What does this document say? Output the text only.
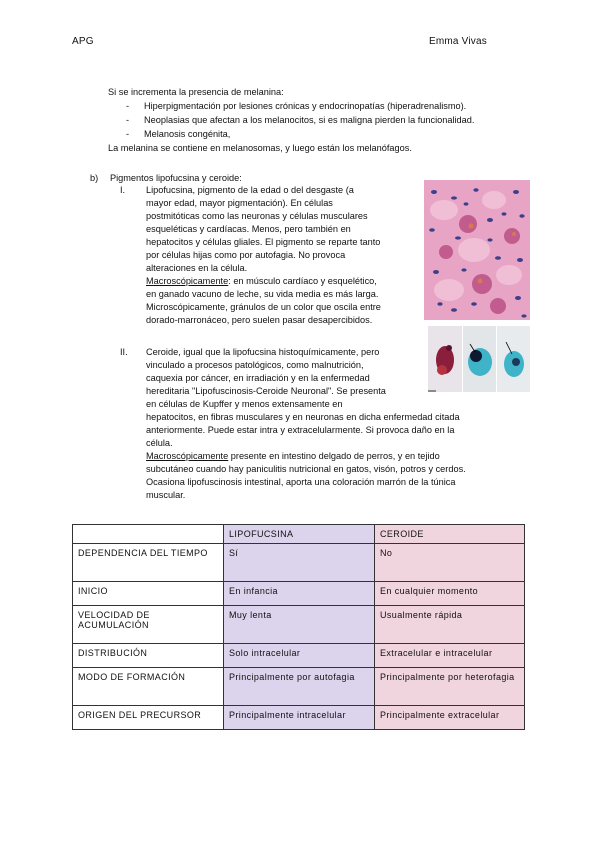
APG	Emma Vivas
Si se incrementa la presencia de melanina:
- Hiperpigmentación por lesiones crónicas y endocrinopatías (hiperadrenalismo).
- Neoplasias que afectan a los melanocitos, si es maligna pierden la funcionalidad.
- Melanosis congénita,
La melanina se contiene en melanosomas, y luego están los melanófagos.
b) Pigmentos lipofucsina y ceroide:
I. Lipofucsina, pigmento de la edad o del desgaste (a
mayor edad, mayor pigmentación). En células
postmitóticas como las neuronas y células musculares
esqueléticas y cardíacas. Menos, pero también en
hepatocitos y células gliales. El pigmento se reparte tanto
por células hijas como por autofagia. No provoca
alteraciones en la célula.
Macroscópicamente: en músculo cardíaco y esquelético,
en ganado vacuno de leche, su vida media es más larga.
Microscópicamente, gránulos de un color que oscila entre
dorado-marronáceo, pero suelen pasar desapercibidos.
II. Ceroide, igual que la lipofucsina histoquímicamente, pero
vinculado a procesos patológicos, como malnutrición,
caquexia por cáncer, en irradiación y en la enfermedad
hereditaria "Lipofuscinosis-Ceroide Neuronal". Se presenta
en células de Kupffer y menos extensamente en
hepatocitos, en fibras musculares y en neuronas en dicha enfermedad citada
anteriormente. Puede estar intra y extracelularmente. Si provoca daño en la
célula.
Macroscópicamente presente en intestino delgado de perros, y en tejido
subcutáneo cuando hay paniculitis nutricional en gatos, visón, potros y cerdos.
Ocasiona lipofuscinosis intestinal, aporta una coloración marrón de la túnica
muscular.
	LIPOFUCSINA	CEROIDE
DEPENDENCIA DEL TIEMPO	Sí	No
INICIO	En infancia	En cualquier momento
VELOCIDAD DE ACUMULACIÓN	Muy lenta	Usualmente rápida
DISTRIBUCIÓN	Solo intracelular	Extracelular e intracelular
MODO DE FORMACIÓN	Principalmente por autofagia	Principalmente por heterofagia
ORIGEN DEL PRECURSOR	Principalmente intracelular	Principalmente extracelular
